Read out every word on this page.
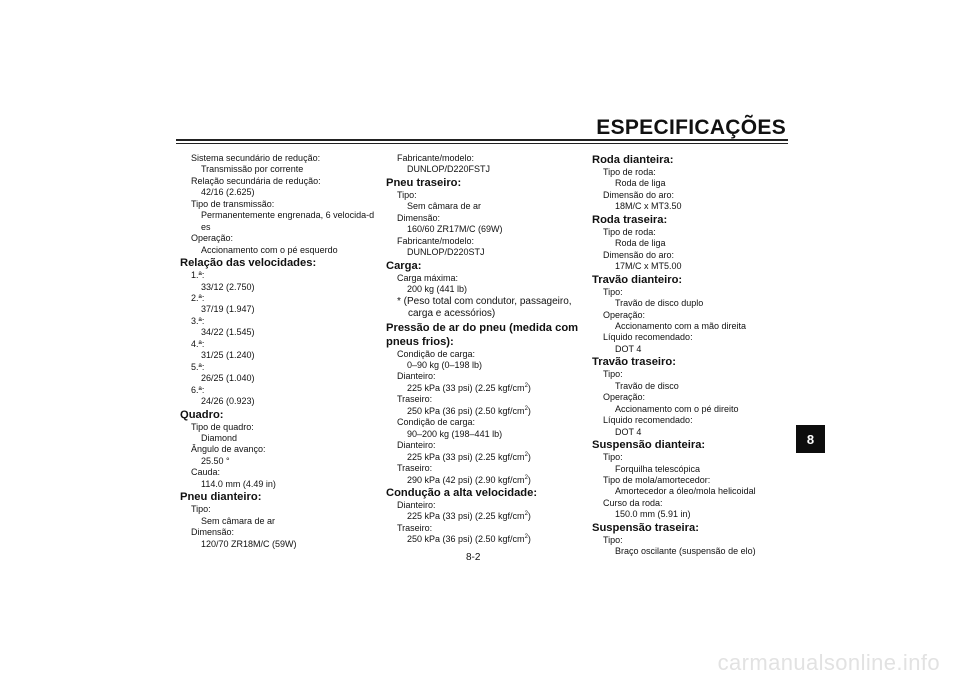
ESPECIFICAÇÕES
Sistema secundário de redução:
Transmissão por corrente
Relação secundária de redução:
42/16 (2.625)
Tipo de transmissão:
Permanentemente engrenada, 6 velocida-des
Operação:
Accionamento com o pé esquerdo
Relação das velocidades:
1.ª:
33/12 (2.750)
2.ª:
37/19 (1.947)
3.ª:
34/22 (1.545)
4.ª:
31/25 (1.240)
5.ª:
26/25 (1.040)
6.ª:
24/26 (0.923)
Quadro:
Tipo de quadro:
Diamond
Ângulo de avanço:
25.50 °
Cauda:
114.0 mm (4.49 in)
Pneu dianteiro:
Tipo:
Sem câmara de ar
Dimensão:
120/70 ZR18M/C (59W)
Fabricante/modelo:
DUNLOP/D220FSTJ
Pneu traseiro:
Tipo:
Sem câmara de ar
Dimensão:
160/60 ZR17M/C (69W)
Fabricante/modelo:
DUNLOP/D220STJ
Carga:
Carga máxima:
200 kg (441 lb)
* (Peso total com condutor, passageiro, carga e acessórios)
Pressão de ar do pneu (medida com pneus frios):
Condição de carga:
0–90 kg (0–198 lb)
Dianteiro:
225 kPa (33 psi) (2.25 kgf/$cm^2$)
Traseiro:
250 kPa (36 psi) (2.50 kgf/$cm^2$)
Condição de carga:
90–200 kg (198–441 lb)
Dianteiro:
225 kPa (33 psi) (2.25 kgf/$cm^2$)
Traseiro:
290 kPa (42 psi) (2.90 kgf/$cm^2$)
Condução a alta velocidade:
Dianteiro:
225 kPa (33 psi) (2.25 kgf/$cm^2$)
Traseiro:
250 kPa (36 psi) (2.50 kgf/$cm^2$)
Roda dianteira:
Tipo de roda:
Roda de liga
Dimensão do aro:
18M/C x MT3.50
Roda traseira:
Tipo de roda:
Roda de liga
Dimensão do aro:
17M/C x MT5.00
Travão dianteiro:
Tipo:
Travão de disco duplo
Operação:
Accionamento com a mão direita
Líquido recomendado:
DOT 4
Travão traseiro:
Tipo:
Travão de disco
Operação:
Accionamento com o pé direito
Líquido recomendado:
DOT 4
Suspensão dianteira:
Tipo:
Forquilha telescópica
Tipo de mola/amortecedor:
Amortecedor a óleo/mola helicoidal
Curso da roda:
150.0 mm (5.91 in)
Suspensão traseira:
Tipo:
Braço oscilante (suspensão de elo)
8
8-2
carmanualsonline.info
